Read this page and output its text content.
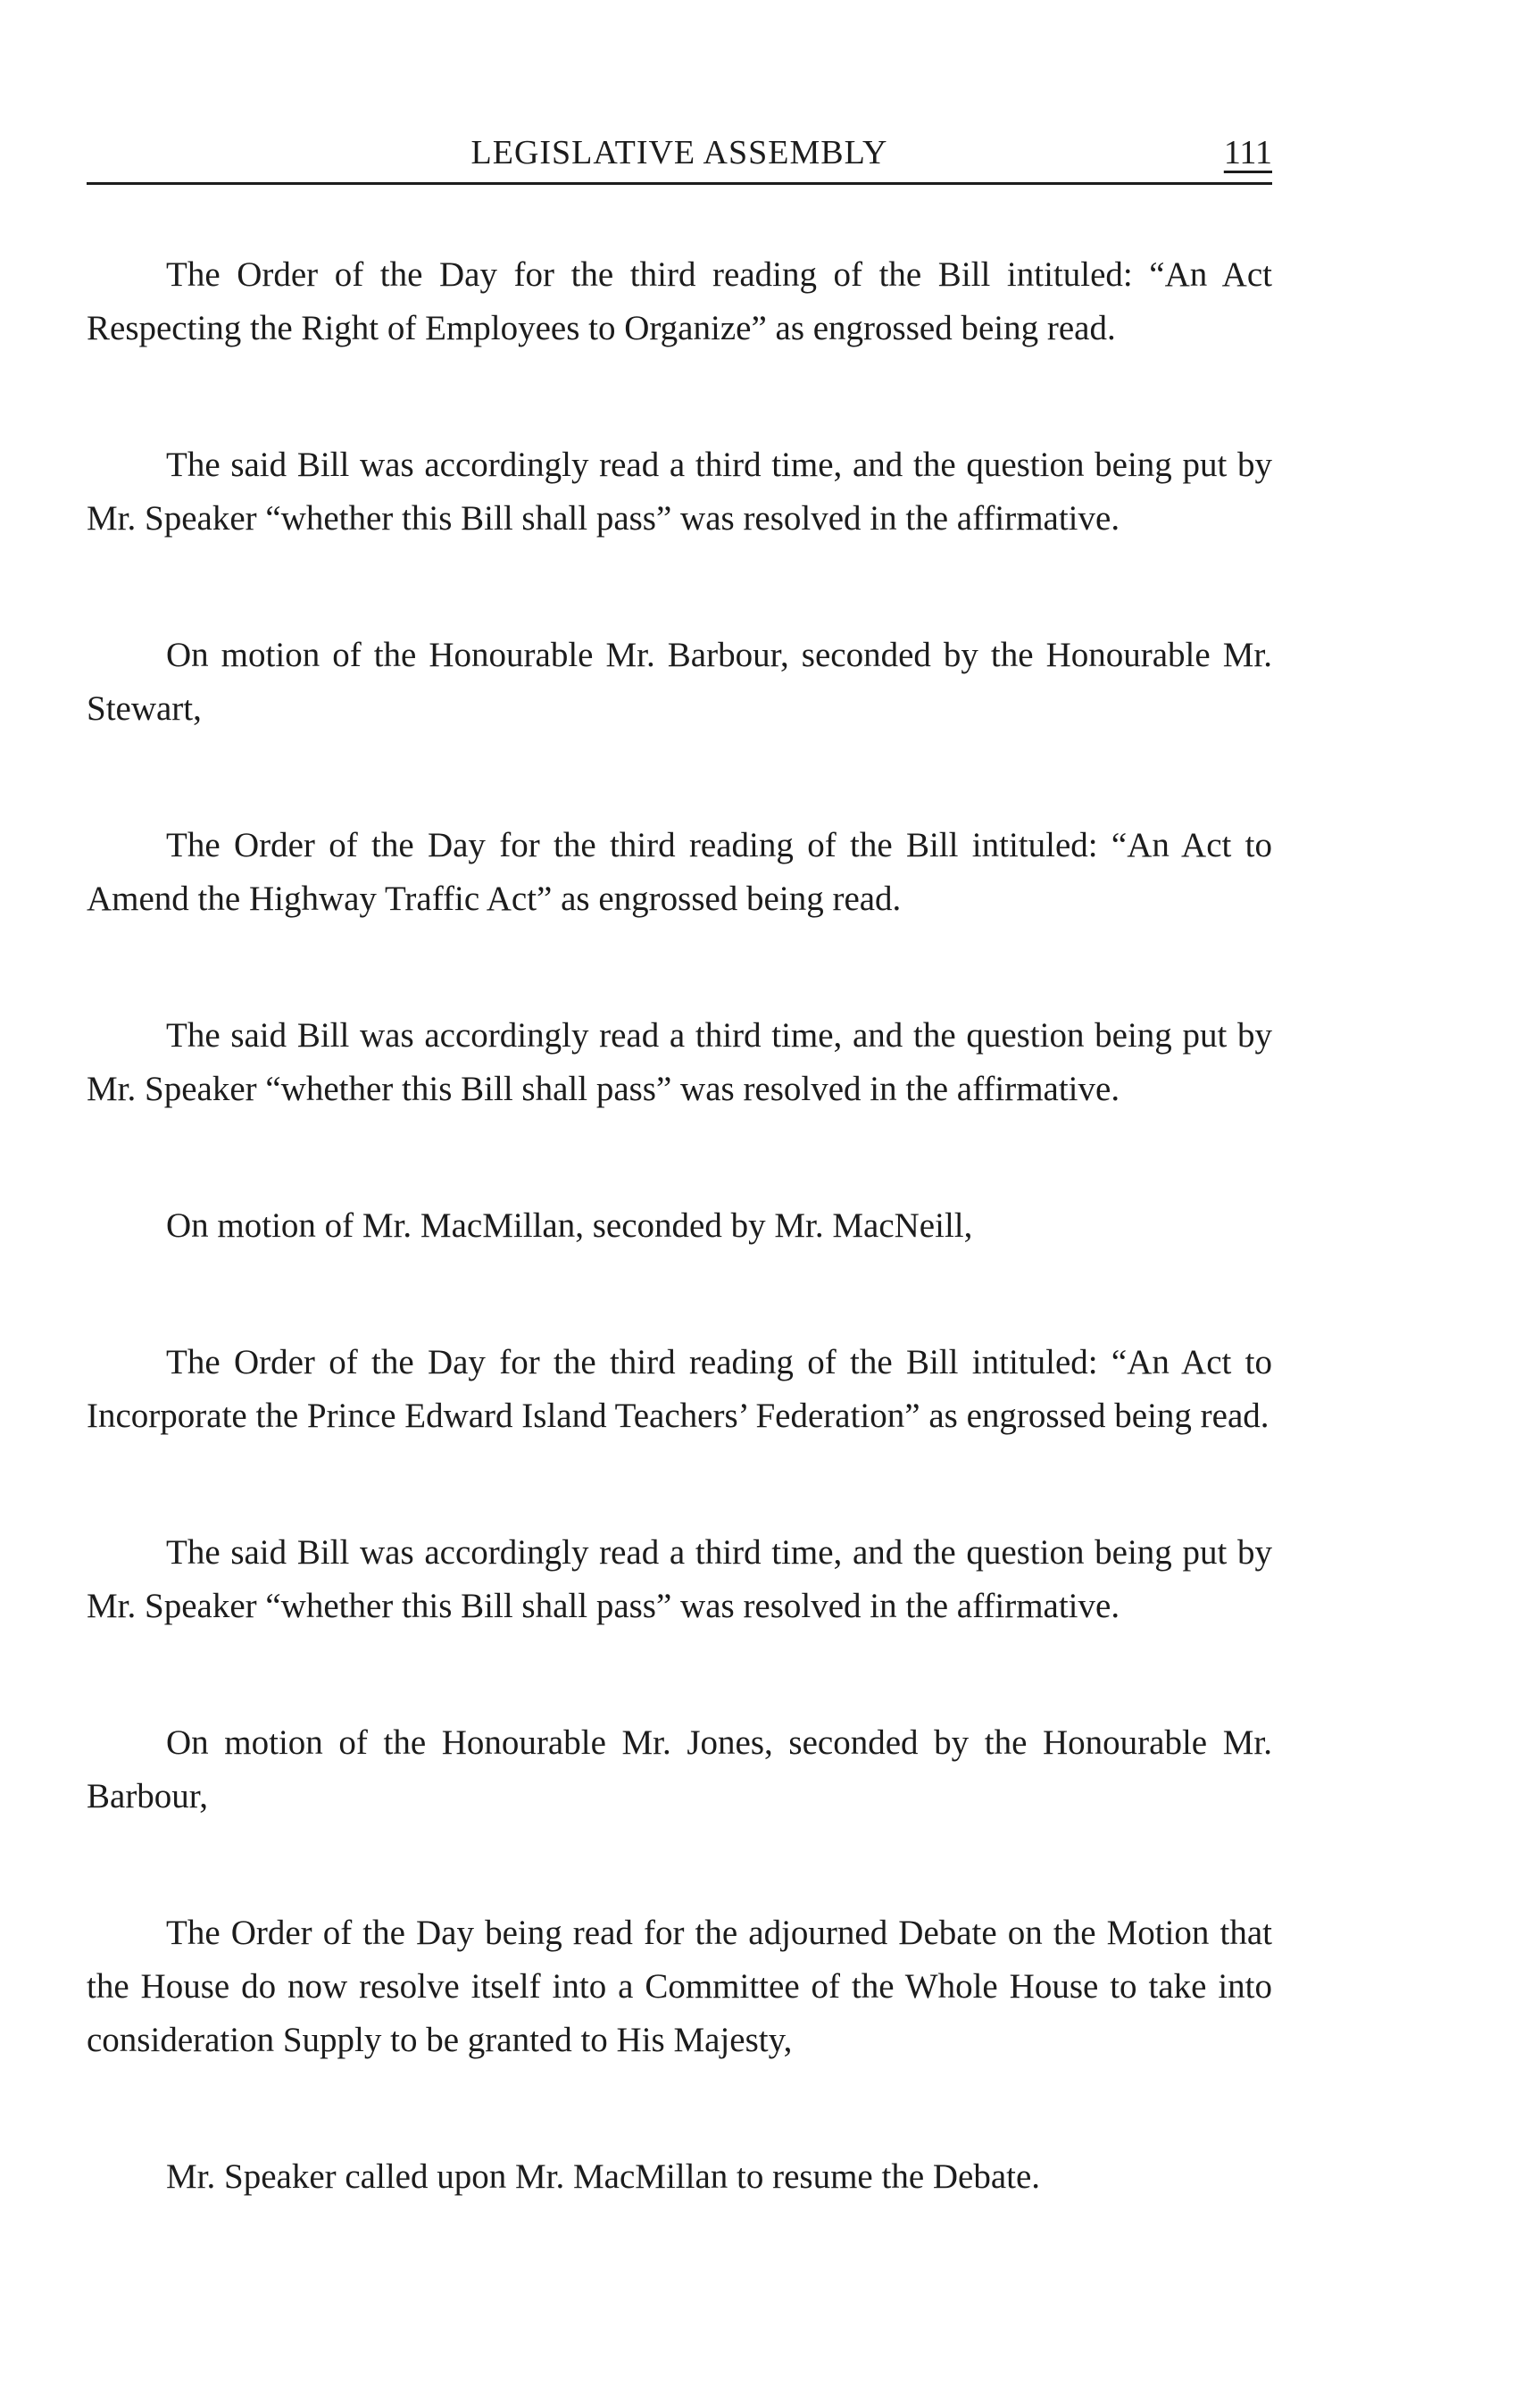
LEGISLATIVE ASSEMBLY	111

The Order of the Day for the third reading of the Bill intituled: “An Act Respecting the Right of Employees to Organize” as engrossed being read.

The said Bill was accordingly read a third time, and the question being put by Mr. Speaker “whether this Bill shall pass” was resolved in the affirmative.

On motion of the Honourable Mr. Barbour, seconded by the Honourable Mr. Stewart,

The Order of the Day for the third reading of the Bill intituled: “An Act to Amend the Highway Traffic Act” as engrossed being read.

The said Bill was accordingly read a third time, and the question being put by Mr. Speaker “whether this Bill shall pass” was resolved in the affirmative.

On motion of Mr. MacMillan, seconded by Mr. MacNeill,

The Order of the Day for the third reading of the Bill intituled: “An Act to Incorporate the Prince Edward Island Teachers’ Federation” as engrossed being read.

The said Bill was accordingly read a third time, and the question being put by Mr. Speaker “whether this Bill shall pass” was resolved in the affirmative.

On motion of the Honourable Mr. Jones, seconded by the Honourable Mr. Barbour,

The Order of the Day being read for the adjourned Debate on the Motion that the House do now resolve itself into a Committee of the Whole House to take into consideration Supply to be granted to His Majesty,

Mr. Speaker called upon Mr. MacMillan to resume the Debate.
